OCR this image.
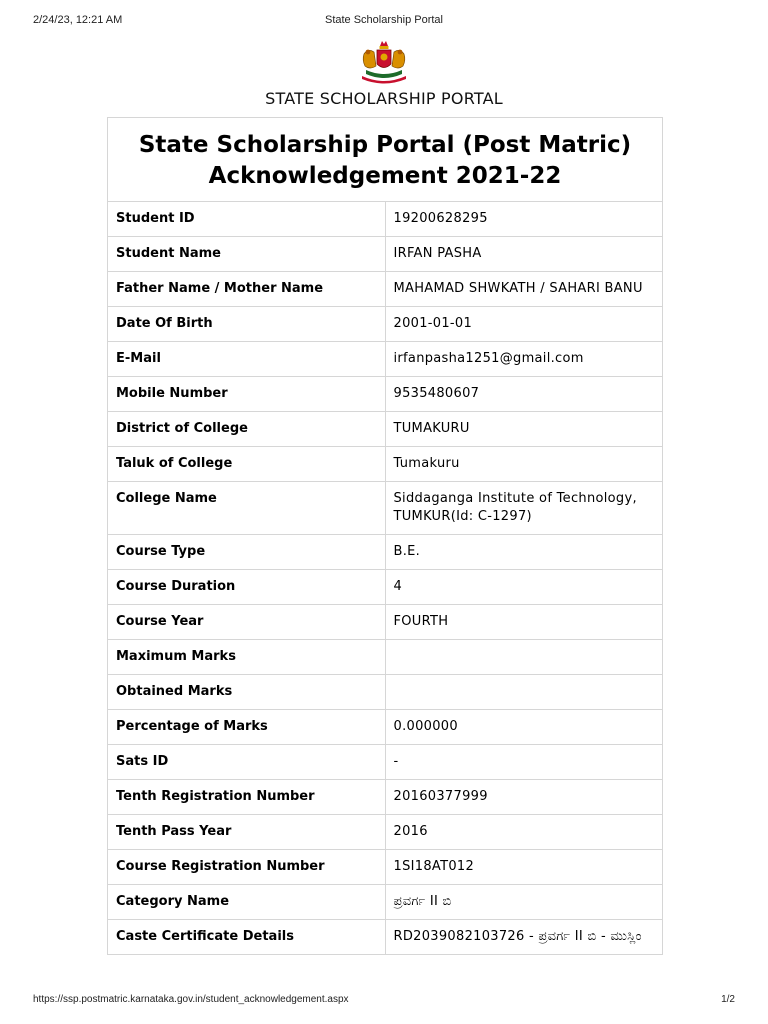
2/24/23, 12:21 AM	State Scholarship Portal
STATE SCHOLARSHIP PORTAL
State Scholarship Portal (Post Matric)
Acknowledgement 2021-22	

Student ID	19200628295
Student Name	IRFAN PASHA
Father Name / Mother Name	MAHAMAD SHWKATH / SAHARI BANU
Date Of Birth	2001-01-01
E-Mail	irfanpasha1251@gmail.com
Mobile Number	9535480607
District of College	TUMAKURU
Taluk of College	Tumakuru
College Name	Siddaganga Institute of Technology, TUMKUR(Id: C-1297)
Course Type	B.E.
Course Duration	4
Course Year	FOURTH
Maximum Marks	
Obtained Marks	
Percentage of Marks	0.000000
Sats ID	-
Tenth Registration Number	20160377999
Tenth Pass Year	2016
Course Registration Number	1SI18AT012
Category Name	ಪ್ರವರ್ಗ II ಬಿ
Caste Certificate Details	RD2039082103726 - ಪ್ರವರ್ಗ II ಬಿ - ಮುಸ್ಲಿಂ
https://ssp.postmatric.karnataka.gov.in/student_acknowledgement.aspx	1/2
